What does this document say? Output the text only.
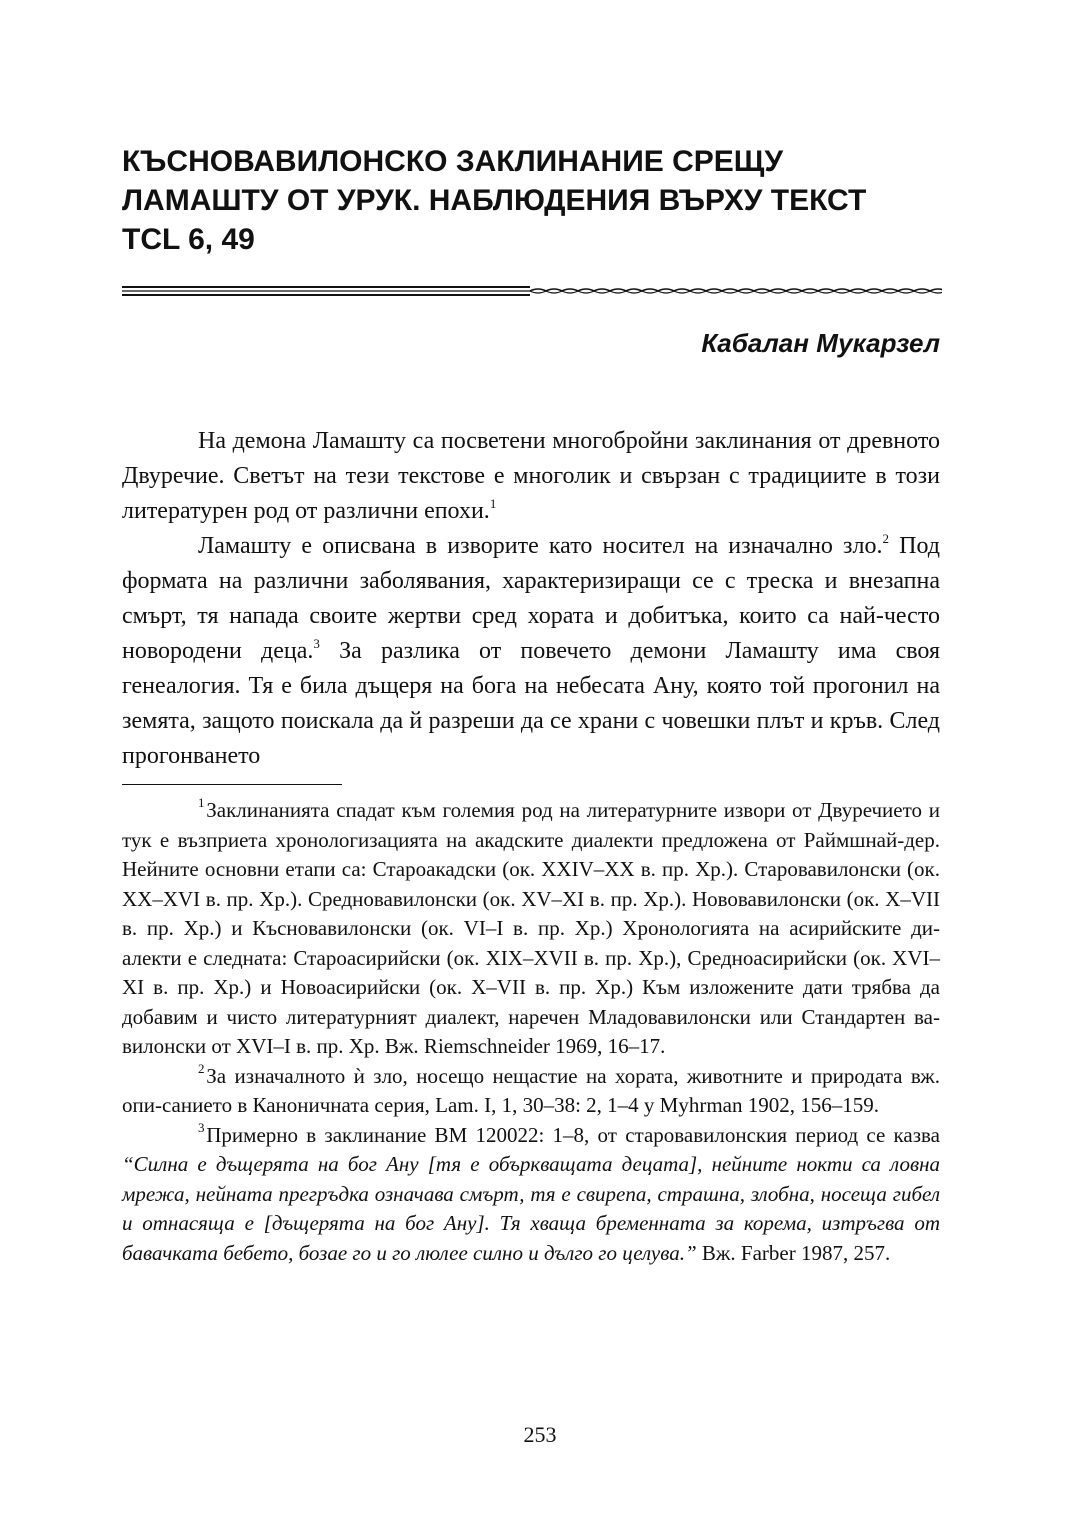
КЪСНОВАВИЛОНСКО ЗАКЛИНАНИЕ СРЕЩУ
ЛАМАШТУ ОТ УРУК. НАБЛЮДЕНИЯ ВЪРХУ ТЕКСТ
TCL 6, 49
Кабалан Мукарзел

На демона Ламашту са посветени многобройни заклинания от древното Двуречие. Светът на тези текстове е многолик и свързан с традициите в този литературен род от различни епохи.$^1$

Ламашту е описвана в изворите като носител на изначално зло.$^2$ Под формата на различни заболявания, характеризиращи се с треска и внезапна смърт, тя напада своите жертви сред хората и добитъка, които са най-често новородени деца.$^3$ За разлика от повечето демони Ламашту има своя генеалогия. Тя е била дъщеря на бога на небесата Ану, която той прогонил на земята, защото поискала да й разреши да се храни с човешки плът и кръв. След прогонването

$^1$ Заклинанията спадат към големия род на литературните извори от Двуречието и тук е възприета хронологизацията на акадските диалекти предложена от Раймшнай-дер. Нейните основни етапи са: Староакадски (ок. XXIV–XX в. пр. Хр.). Старовавилонски (ок. XX–XVI в. пр. Хр.). Средновавилонски (ок. XV–XI в. пр. Хр.). Нововавилонски (ок. X–VII в. пр. Хр.) и Късновавилонски (ок. VI–I в. пр. Хр.) Хронологията на асирийските ди-алекти е следната: Староасирийски (ок. XIX–XVII в. пр. Хр.), Средноасирийски (ок. XVI–XI в. пр. Хр.) и Новоасирийски (ок. X–VII в. пр. Хр.) Към изложените дати трябва да добавим и чисто литературният диалект, наречен Младовавилонски или Стандартен ва-вилонски от XVI–I в. пр. Хр. Вж. Riemschneider 1969, 16–17.

$^2$ За изначалното ѝ зло, носещо нещастие на хората, животните и природата вж. опи-санието в Каноничната серия, Lam. I, 1, 30–38: 2, 1–4 у Myhrman 1902, 156–159.

$^3$ Примерно в заклинание BM 120022: 1–8, от старовавилонския период се казва “Силна е дъщерята на бог Ану [тя е объркващата децата], нейните нокти са ловна мрежа, нейната прегръдка означава смърт, тя е свирепа, страшна, злобна, носеща гибел и отнасяща е [дъщерята на бог Ану]. Тя хваща бременната за корема, изтръгва от бавачката бебето, бозае го и го люлее силно и дълго го целува.” Вж. Farber 1987, 257.

253
